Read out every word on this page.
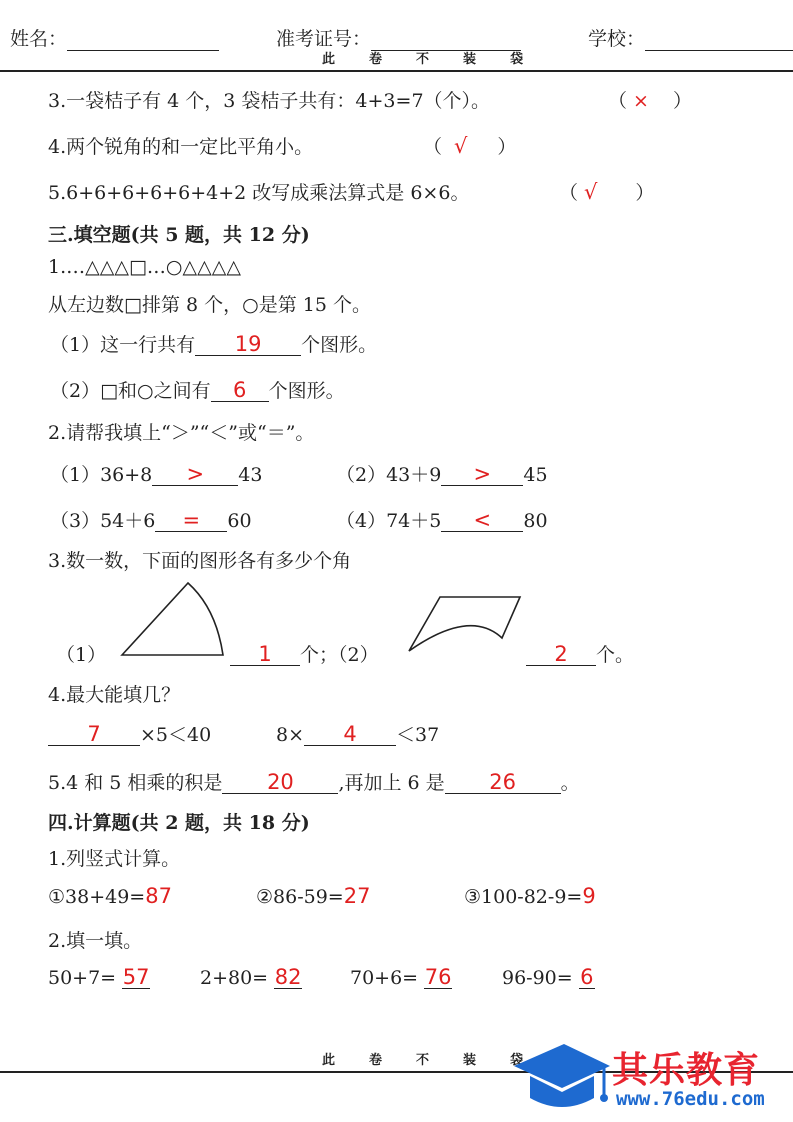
姓名：	准考证号：	学校：
此	卷	不	装	袋
3.一袋桔子有 4 个，3 袋桔子共有：4+3=7（个）。	（ × ）
4.两个锐角的和一定比平角小。	（ √ ）
5.6+6+6+6+6+4+2 改写成乘法算式是 6×6。	（ √ ）
三.填空题(共 5 题，共 12 分)
1.…△△△□…○△△△△
从左边数□排第 8 个，○是第 15 个。
（1）这一行共有 19 个图形。
（2）□和○之间有 6 个图形。
2.请帮我填上“＞”“＜”或“＝”。
（1）36+8 > 43	（2）43＋9 > 45
（3）54＋6 = 60	（4）74＋5 < 80
3.数一数，下面的图形各有多少个角
（1）	1 个；（2）	2 个。
4.最大能填几？
7 ×5＜40	8× 4 ＜37
5.4 和 5 相乘的积是 20 ,再加上 6 是 26 。
四.计算题(共 2 题，共 18 分)
1.列竖式计算。
①38+49=87	②86-59=27	③100-82-9=9
2.填一填。
50+7= 57	2+80= 82	70+6= 76	96-90= 6
此	卷	不	装	袋	其乐教育
www.76edu.com
